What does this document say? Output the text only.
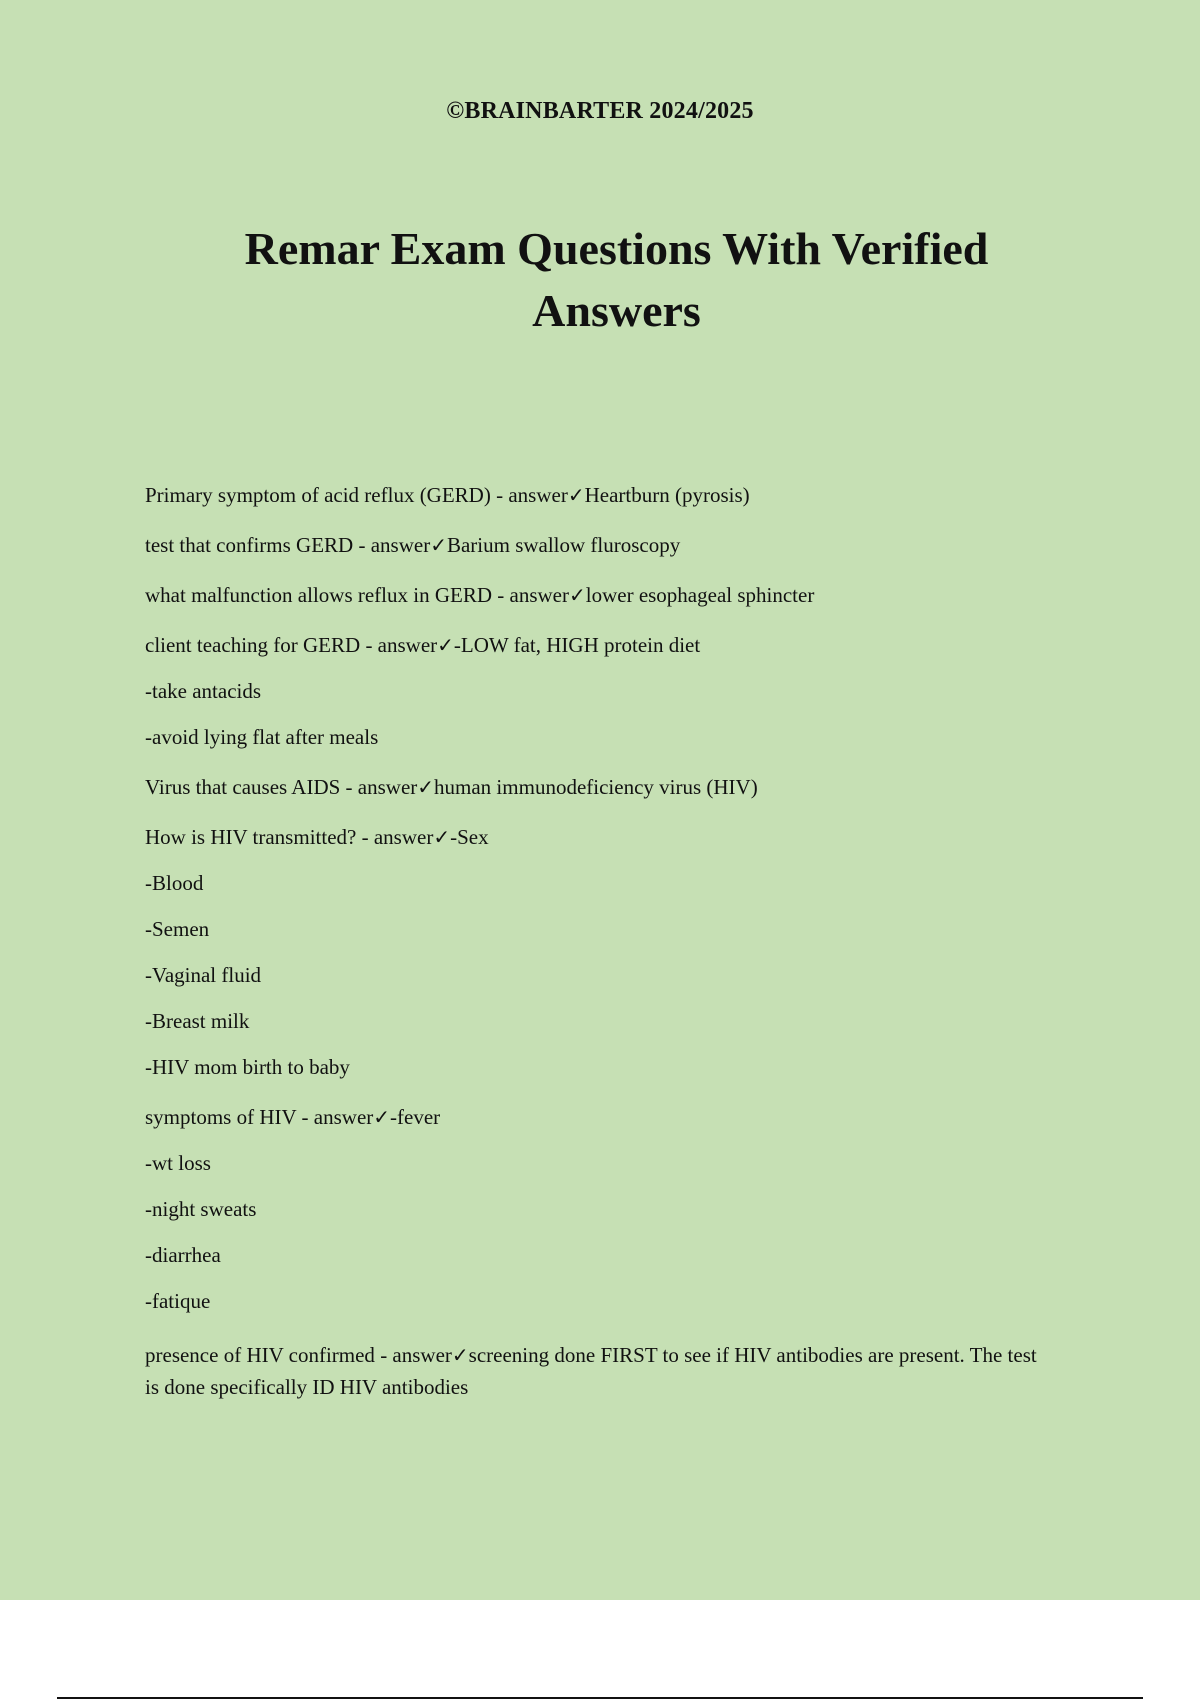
©BRAINBARTER 2024/2025
Remar Exam Questions With Verified Answers

Primary symptom of acid reflux (GERD) - answer✓Heartburn (pyrosis)

test that confirms GERD - answer✓Barium swallow fluroscopy

what malfunction allows reflux in GERD - answer✓lower esophageal sphincter

client teaching for GERD - answer✓-LOW fat, HIGH protein diet

-take antacids

-avoid lying flat after meals

Virus that causes AIDS - answer✓human immunodeficiency virus (HIV)

How is HIV transmitted? - answer✓-Sex

-Blood

-Semen

-Vaginal fluid

-Breast milk

-HIV mom birth to baby

symptoms of HIV - answer✓-fever

-wt loss

-night sweats

-diarrhea

-fatique

presence of HIV confirmed - answer✓screening done FIRST to see if HIV antibodies are present. The test is done specifically ID HIV antibodies
